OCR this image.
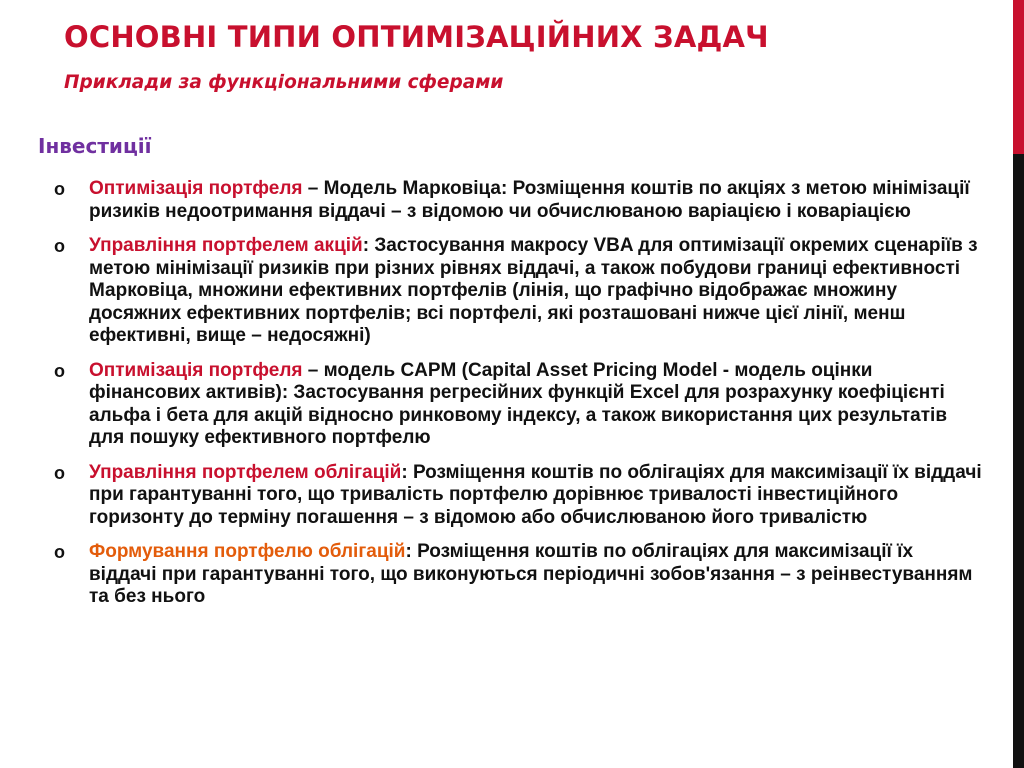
ОСНОВНІ ТИПИ ОПТИМІЗАЦІЙНИХ ЗАДАЧ
Приклади за функціональними сферами
Інвестиції
o Оптимізація портфеля – Модель Марковіца: Розміщення коштів по акціях з метою мінімізації ризиків недоотримання віддачі – з відомою чи обчислюваною варіацією і коваріацією
o Управління портфелем акцій: Застосування макросу VBA для оптимізації окремих сценаріїв з метою мінімізації ризиків при різних рівнях віддачі, а також побудови границі ефективності Марковіца, множини ефективних портфелів (лінія, що графічно відображає множину досяжних ефективних портфелів; всі портфелі, які розташовані нижче цієї лінії, менш ефективні, вище – недосяжні)
o Оптимізація портфеля – модель CAPM (Capital Asset Pricing Model - модель оцінки фінансових активів): Застосування регресійних функцій Excel для розрахунку коефіцієнті альфа і бета для акцій відносно ринковому індексу, а також використання цих результатів для пошуку ефективного портфелю
o Управління портфелем облігацій: Розміщення коштів по облігаціях для максимізації їх віддачі при гарантуванні того, що тривалість портфелю дорівнює тривалості інвестиційного горизонту до терміну погашення – з відомою або обчислюваною його тривалістю
o Формування портфелю облігацій: Розміщення коштів по облігаціях для максимізації їх віддачі при гарантуванні того, що виконуються періодичні зобов'язання – з реінвестуванням та без нього
